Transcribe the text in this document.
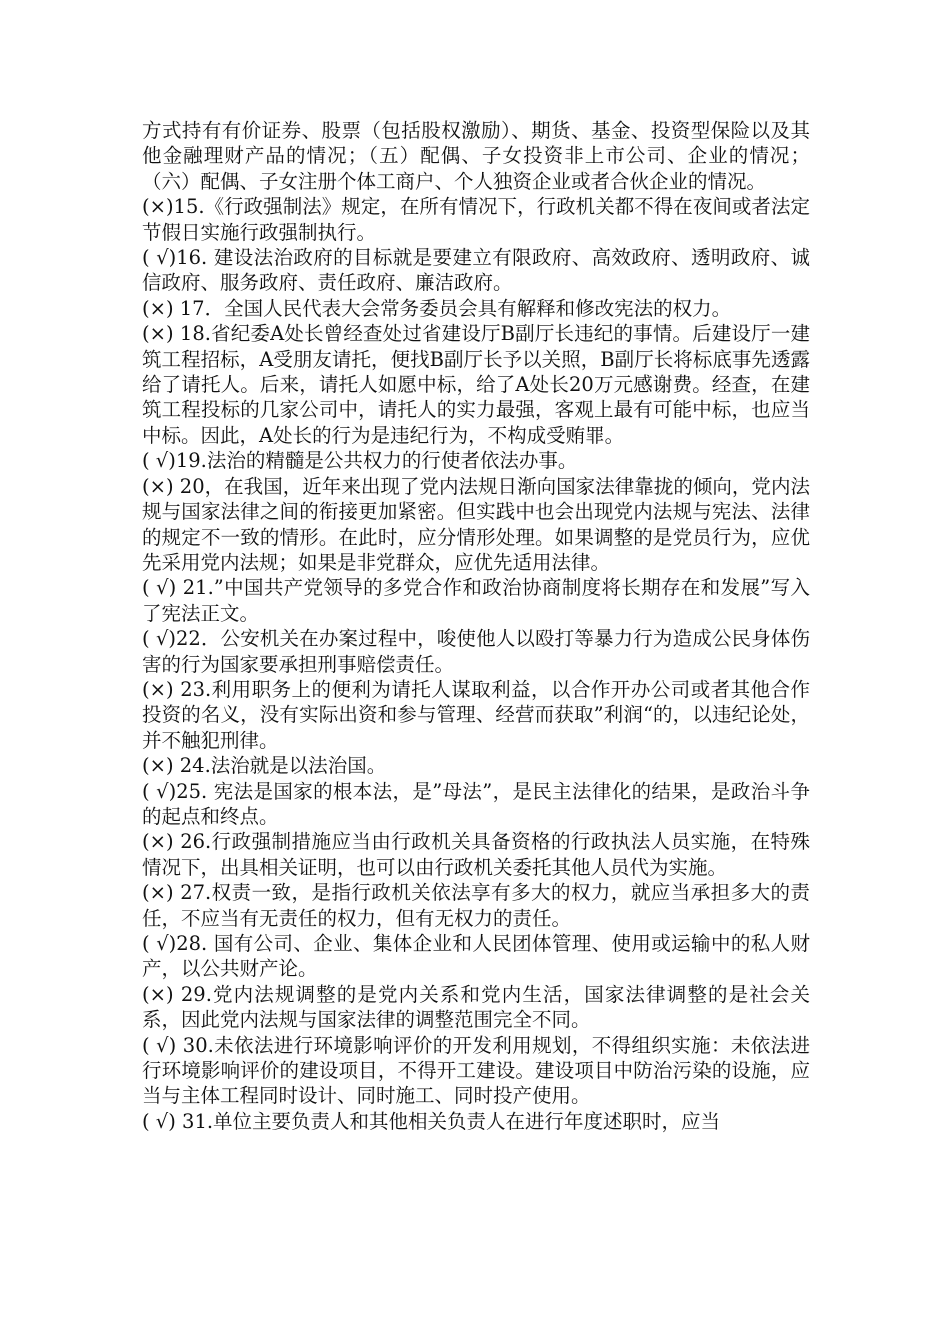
方式持有有价证券、股票（包括股权激励）、期货、基金、投资型保险以及其他金融理财产品的情况；（五）配偶、子女投资非上市公司、企业的情况；（六）配偶、子女注册个体工商户、个人独资企业或者合伙企业的情况。

(×)15.《行政强制法》规定，在所有情况下，行政机关都不得在夜间或者法定节假日实施行政强制执行。

( √)16. 建设法治政府的目标就是要建立有限政府、高效政府、透明政府、诚信政府、服务政府、责任政府、廉洁政府。

(×) 17．全国人民代表大会常务委员会具有解释和修改宪法的权力。

(×) 18.省纪委A处长曾经查处过省建设厅B副厅长违纪的事情。后建设厅一建筑工程招标，A受朋友请托，便找B副厅长予以关照，B副厅长将标底事先透露给了请托人。后来，请托人如愿中标，给了A处长20万元感谢费。经查，在建筑工程投标的几家公司中，请托人的实力最强，客观上最有可能中标，也应当中标。因此，A处长的行为是违纪行为，不构成受贿罪。

( √)19.法治的精髓是公共权力的行使者依法办事。

(×) 20，在我国，近年来出现了党内法规日渐向国家法律靠拢的倾向，党内法规与国家法律之间的衔接更加紧密。但实践中也会出现党内法规与宪法、法律的规定不一致的情形。在此时，应分情形处理。如果调整的是党员行为，应优先采用党内法规；如果是非党群众，应优先适用法律。

( √) 21.”中国共产党领导的多党合作和政治协商制度将长期存在和发展”写入了宪法正文。

( √)22．公安机关在办案过程中，唆使他人以殴打等暴力行为造成公民身体伤害的行为国家要承担刑事赔偿责任。

(×) 23.利用职务上的便利为请托人谋取利益，以合作开办公司或者其他合作投资的名义，没有实际出资和参与管理、经营而获取”利润“的，以违纪论处，并不触犯刑律。

(×) 24.法治就是以法治国。

( √)25. 宪法是国家的根本法，是”母法”，是民主法律化的结果，是政治斗争的起点和终点。

(×) 26.行政强制措施应当由行政机关具备资格的行政执法人员实施，在特殊情况下，出具相关证明，也可以由行政机关委托其他人员代为实施。

(×) 27.权责一致，是指行政机关依法享有多大的权力，就应当承担多大的责任，不应当有无责任的权力，但有无权力的责任。

( √)28. 国有公司、企业、集体企业和人民团体管理、使用或运输中的私人财产，以公共财产论。

(×) 29.党内法规调整的是党内关系和党内生活，国家法律调整的是社会关系，因此党内法规与国家法律的调整范围完全不同。

( √) 30.未依法进行环境影响评价的开发利用规划，不得组织实施：未依法进行环境影响评价的建设项目，不得开工建设。建设项目中防治污染的设施，应当与主体工程同时设计、同时施工、同时投产使用。

( √) 31.单位主要负责人和其他相关负责人在进行年度述职时，应当
